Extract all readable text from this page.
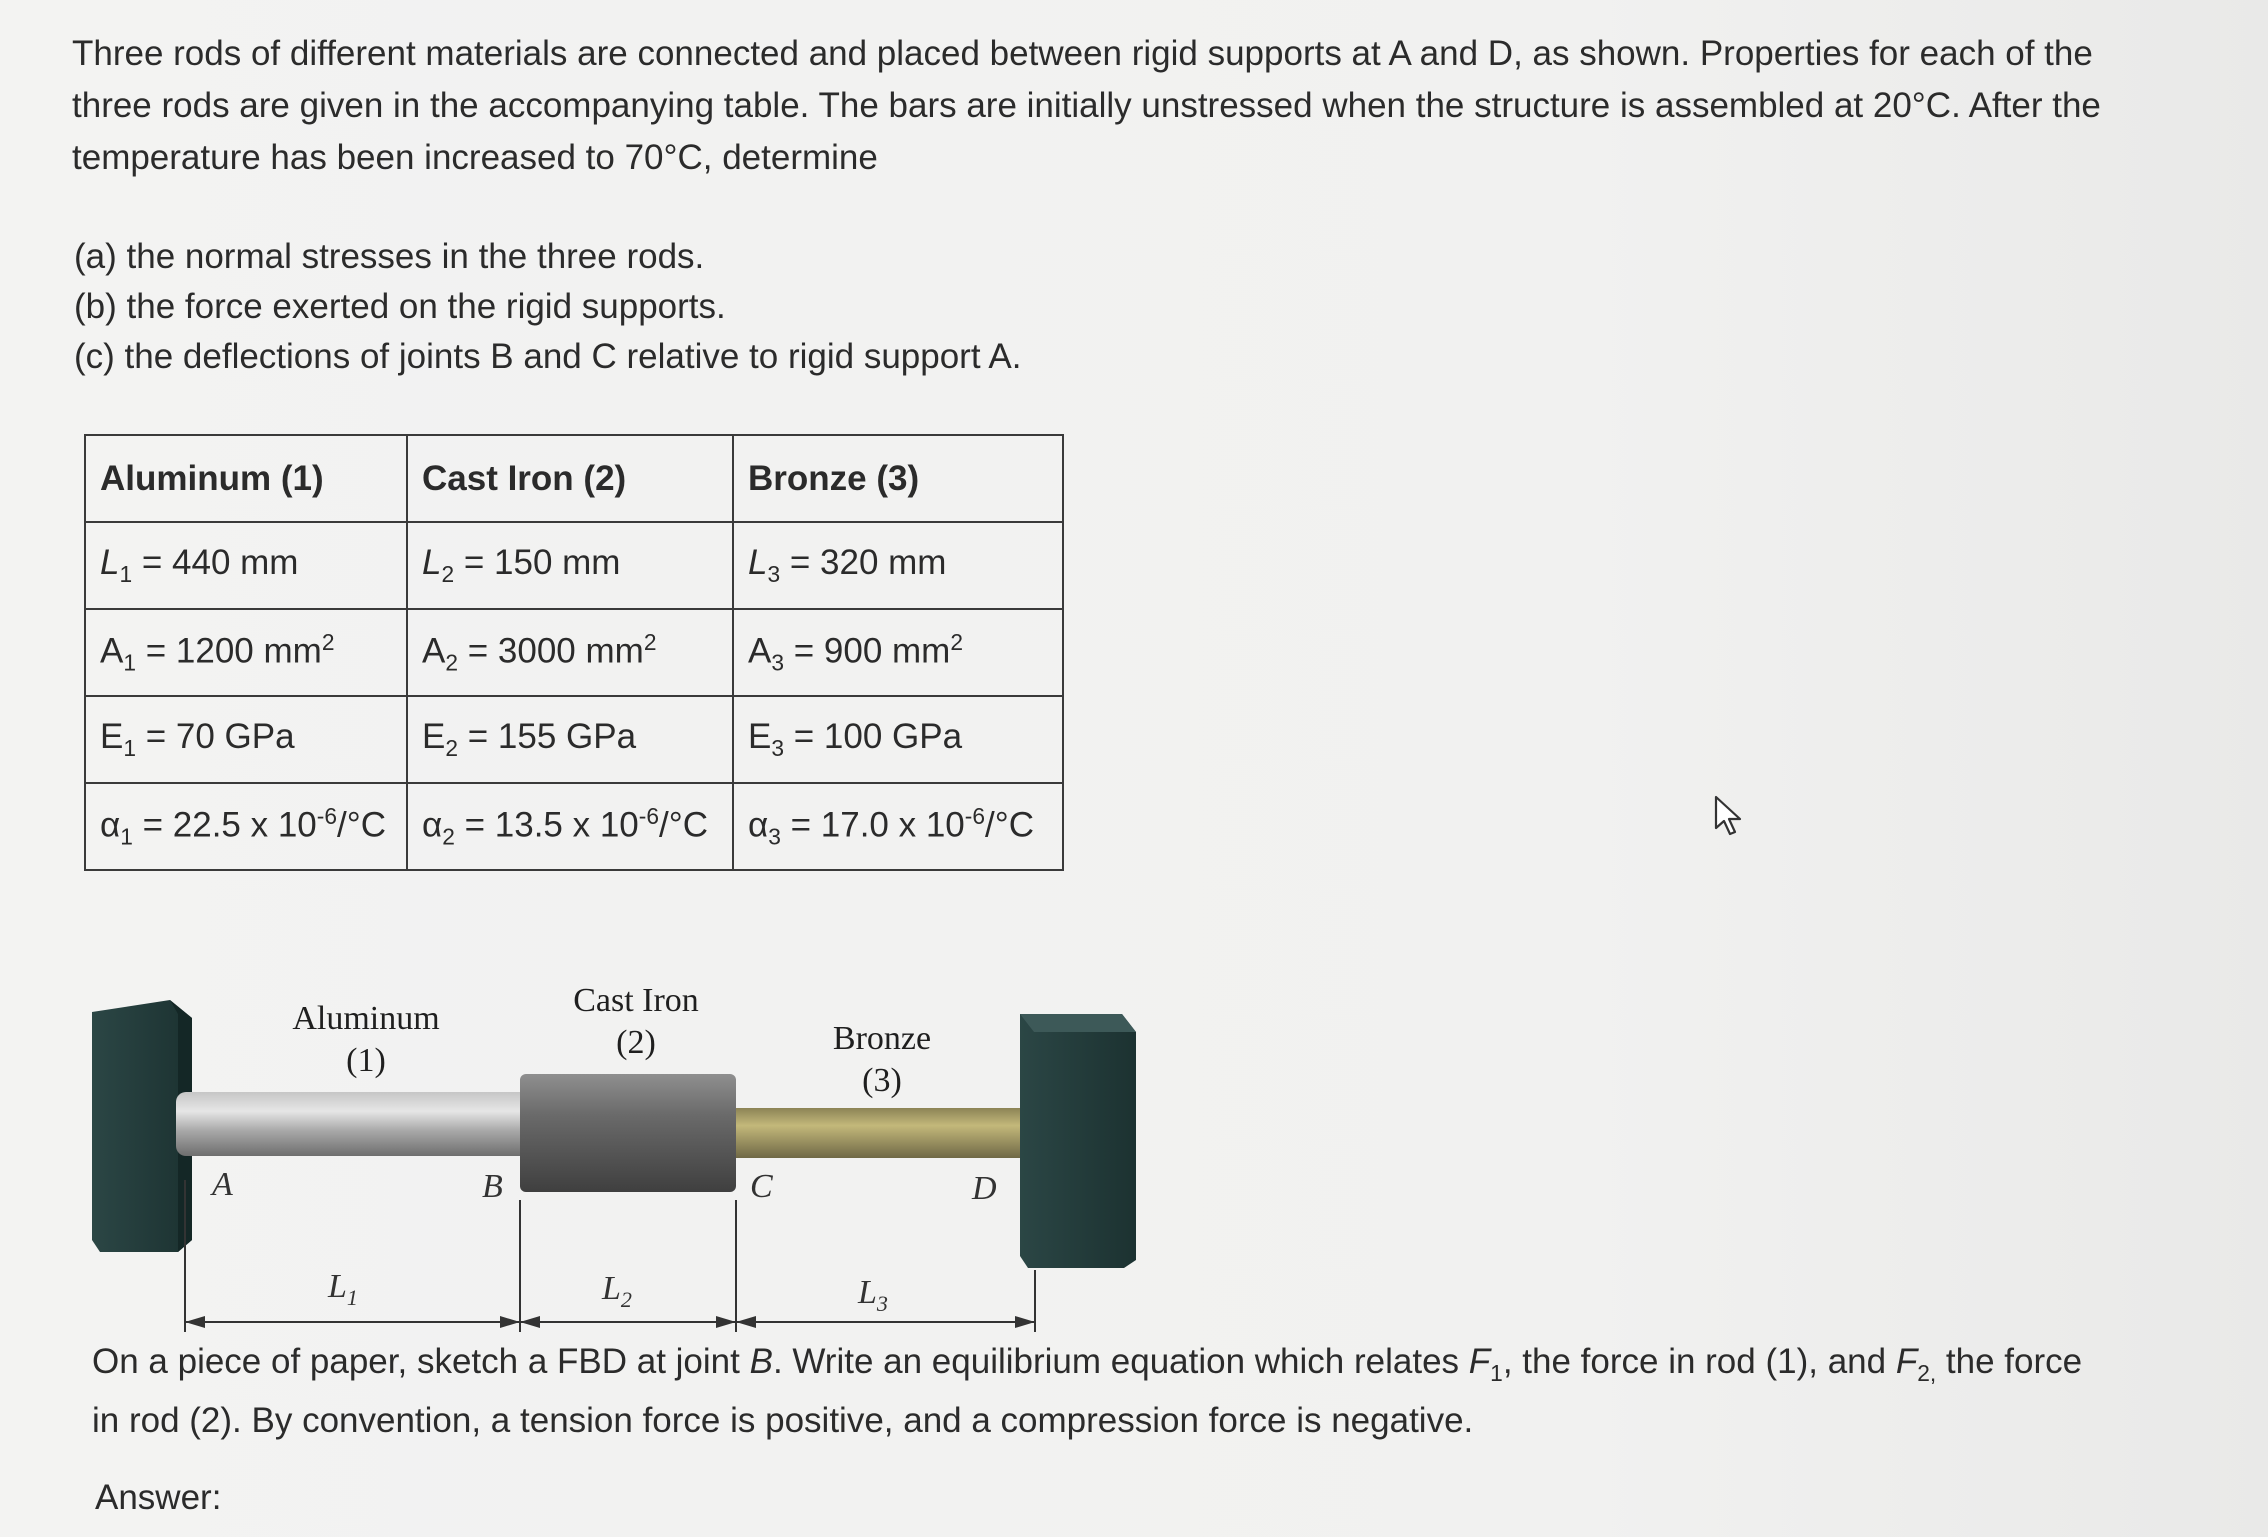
Three rods of different materials are connected and placed between rigid supports at A and D, as shown. Properties for each of the three rods are given in the accompanying table. The bars are initially unstressed when the structure is assembled at 20°C. After the temperature has been increased to 70°C, determine

(a) the normal stresses in the three rods.

(b) the force exerted on the rigid supports.

(c) the deflections of joints B and C relative to rigid support A.

Aluminum (1)	Cast Iron (2)	Bronze (3)
$L_1 = 440$ mm	$L_2 = 150$ mm	$L_3 = 320$ mm
$A_1 = 1200$ $mm^2$	$A_2 = 3000$ $mm^2$	$A_3 = 900$ $mm^2$
$E_1 = 70$ GPa	$E_2 = 155$ GPa	$E_3 = 100$ GPa
$\alpha_1 = 22.5$ x $10^{-6}/^\circ C$	$\alpha_2 = 13.5$ x $10^{-6}/^\circ C$	$\alpha_3 = 17.0$ x $10^{-6}/^\circ C$
Aluminum
(1)
Cast Iron
(2)	Bronze
(3)
A	B	C	D
$L_1$	$L_2$	$L_3$
On a piece of paper, sketch a FBD at joint B. Write an equilibrium equation which relates $F_1$, the force in rod (1), and $F_{2,}$ the force in rod (2). By convention, a tension force is positive, and a compression force is negative.
Answer:
